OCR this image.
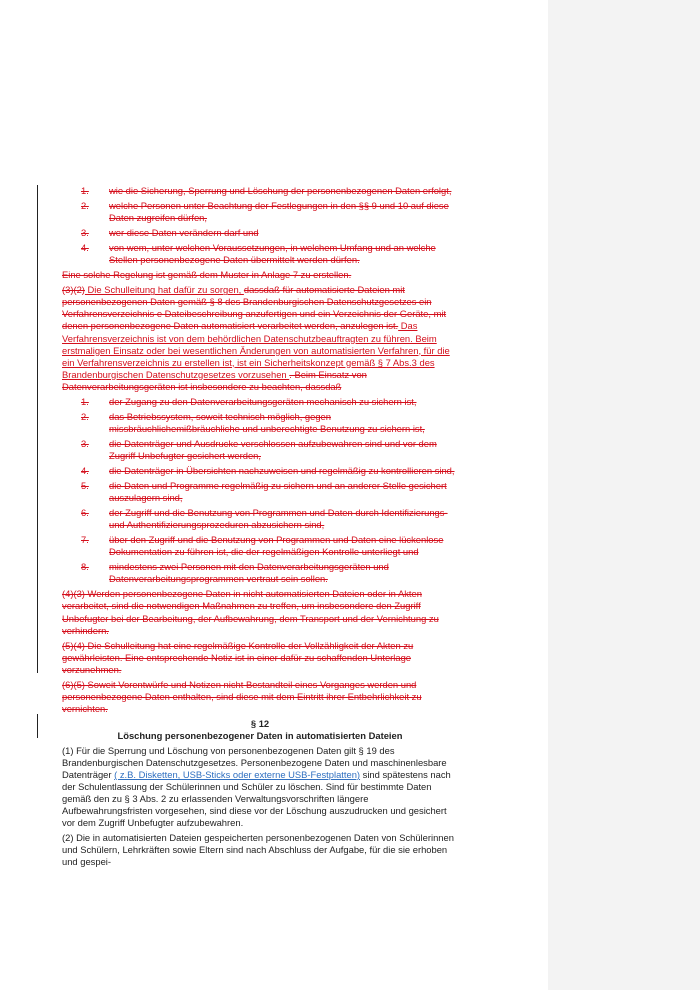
1.	wie die Sicherung, Sperrung und Löschung der personenbezogenen Daten erfolgt,
2.	welche Personen unter Beachtung der Festlegungen in den §§ 9 und 10 auf diese Daten zugreifen dürfen,
3.	wer diese Daten verändern darf und
4.	von wem, unter welchen Voraussetzungen, in welchem Umfang und an welche Stellen personenbezogene Daten übermittelt werden dürfen.

Eine solche Regelung ist gemäß dem Muster in Anlage 7 zu erstellen.

(3)(2) Die Schulleitung hat dafür zu sorgen, dassdaß für automatisierte Dateien mit personenbezogenen Daten gemäß § 8 des Brandenburgischen Datenschutzgesetzes ein Verfahrensverzeichnis e Dateibeschreibung anzufertigen und ein Verzeichnis der Geräte, mit denen personenbezogene Daten automatisiert verarbeitet werden, anzulegen ist. Das Verfahrensverzeichnis ist von dem behördlichen Datenschutzbeauftragten zu führen. Beim erstmaligen Einsatz oder bei wesentlichen Änderungen von automatisierten Verfahren, für die ein Verfahrensverzeichnis zu erstellen ist, ist ein Sicherheitskonzept gemäß § 7 Abs.3 des Brandenburgischen Datenschutzgesetzes vorzusehen . Beim Einsatz von Datenverarbeitungsgeräten ist insbesondere zu beachten, dassdaß

1.	der Zugang zu den Datenverarbeitungsgeräten mechanisch zu sichern ist,
2.	das Betriebssystem, soweit technisch möglich, gegen missbräuchlichemißbräuchliche und unberechtigte Benutzung zu sichern ist,
3.	die Datenträger und Ausdrucke verschlossen aufzubewahren sind und vor dem Zugriff Unbefugter gesichert werden,
4.	die Datenträger in Übersichten nachzuweisen und regelmäßig zu kontrollieren sind,
5.	die Daten und Programme regelmäßig zu sichern und an anderer Stelle gesichert auszulagern sind,
6.	der Zugriff und die Benutzung von Programmen und Daten durch Identifizierungs- und Authentifizierungsprozeduren abzusichern sind,
7.	über den Zugriff und die Benutzung von Programmen und Daten eine lückenlose Dokumentation zu führen ist, die der regelmäßigen Kontrolle unterliegt und
8.	mindestens zwei Personen mit den Datenverarbeitungsgeräten und Datenverarbeitungsprogrammen vertraut sein sollen.

(4)(3) Werden personenbezogene Daten in nicht automatisierten Dateien oder in Akten verarbeitet, sind die notwendigen Maßnahmen zu treffen, um insbesondere den Zugriff Unbefugter bei der Bearbeitung, der Aufbewahrung, dem Transport und der Vernichtung zu verhindern.

(5)(4) Die Schulleitung hat eine regelmäßige Kontrolle der Vollzähligkeit der Akten zu gewährleisten. Eine entsprechende Notiz ist in einer dafür zu schaffenden Unterlage vorzunehmen.

(6)(5) Soweit Vorentwürfe und Notizen nicht Bestandteil eines Vorganges werden und personenbezogene Daten enthalten, sind diese mit dem Eintritt ihrer Entbehrlichkeit zu vernichten.

§ 12

Löschung personenbezogener Daten in automatisierten Dateien

(1) Für die Sperrung und Löschung von personenbezogenen Daten gilt § 19 des Brandenburgischen Datenschutzgesetzes. Personenbezogene Daten und maschinenlesbare Datenträger ( z.B. Disketten, USB-Sticks oder externe USB-Festplatten) sind spätestens nach der Schulentlassung der Schülerinnen und Schüler zu löschen. Sind für bestimmte Daten gemäß den zu § 3 Abs. 2 zu erlassenden Verwaltungsvorschriften längere Aufbewahrungsfristen vorgesehen, sind diese vor der Löschung auszudrucken und gesichert vor dem Zugriff Unbefugter aufzubewahren.

(2) Die in automatisierten Dateien gespeicherten personenbezogenen Daten von Schülerinnen und Schülern, Lehrkräften sowie Eltern sind nach Abschluss der Aufgabe, für die sie erhoben und gespei-
